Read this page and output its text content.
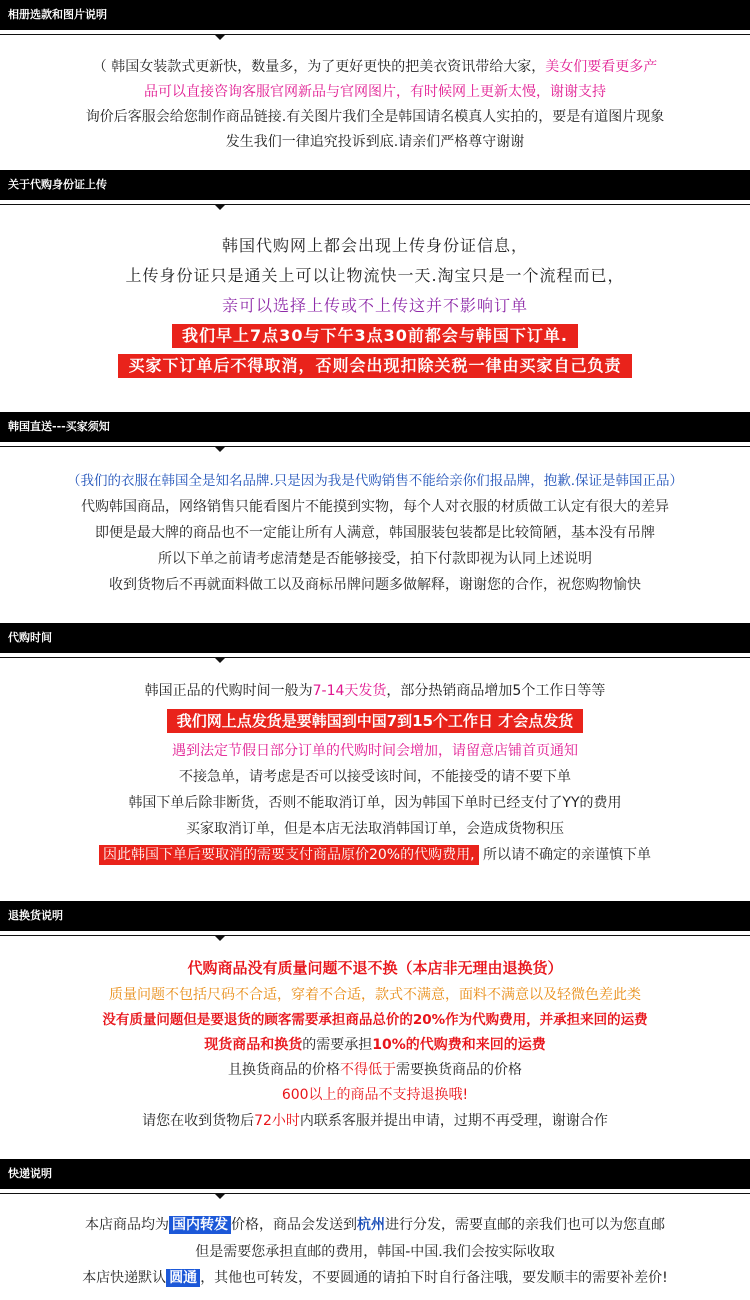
相册选款和图片说明
（ 韩国女装款式更新快，数量多，为了更好更快的把美衣资讯带给大家，美女们要看更多产
品可以直接咨询客服官网新品与官网图片，有时候网上更新太慢，谢谢支持
询价后客服会给您制作商品链接.有关图片我们全是韩国请名模真人实拍的，要是有道图片现象
发生我们一律追究投诉到底.请亲们严格尊守谢谢
关于代购身份证上传
韩国代购网上都会出现上传身份证信息，
上传身份证只是通关上可以让物流快一天.淘宝只是一个流程而已，
亲可以选择上传或不上传这并不影响订单
我们早上7点30与下午3点30前都会与韩国下订单.
买家下订单后不得取消，否则会出现扣除关税一律由买家自己负责
韩国直送---买家须知
（我们的衣服在韩国全是知名品牌.只是因为我是代购销售不能给亲你们报品牌，抱歉.保证是韩国正品）
代购韩国商品，网络销售只能看图片不能摸到实物，每个人对衣服的材质做工认定有很大的差异
即便是最大牌的商品也不一定能让所有人满意，韩国服装包装都是比较简陋，基本没有吊牌
所以下单之前请考虑清楚是否能够接受，拍下付款即视为认同上述说明
收到货物后不再就面料做工以及商标吊牌问题多做解释，谢谢您的合作，祝您购物愉快
代购时间
韩国正品的代购时间一般为7-14天发货，部分热销商品增加5个工作日等等
我们网上点发货是要韩国到中国7到15个工作日 才会点发货
遇到法定节假日部分订单的代购时间会增加，请留意店铺首页通知
不接急单，请考虑是否可以接受该时间，不能接受的请不要下单
韩国下单后除非断货，否则不能取消订单，因为韩国下单时已经支付了YY的费用
买家取消订单，但是本店无法取消韩国订单，会造成货物积压
因此韩国下单后要取消的需要支付商品原价20%的代购费用, 所以请不确定的亲谨慎下单
退换货说明
代购商品没有质量问题不退不换（本店非无理由退换货）
质量问题不包括尺码不合适，穿着不合适，款式不满意，面料不满意以及轻微色差此类
没有质量问题但是要退货的顾客需要承担商品总价的20%作为代购费用，并承担来回的运费
现货商品和换货的需要承担10%的代购费和来回的运费
且换货商品的价格不得低于需要换货商品的价格
600以上的商品不支持退换哦!
请您在收到货物后72小时内联系客服并提出申请，过期不再受理，谢谢合作
快递说明
本店商品均为 国内转发 价格，商品会发送到杭州进行分发，需要直邮的亲我们也可以为您直邮
但是需要您承担直邮的费用，韩国-中国.我们会按实际收取
本店快递默认 圆通 ，其他也可转发，不要圆通的请拍下时自行备注哦，要发顺丰的需要补差价!
